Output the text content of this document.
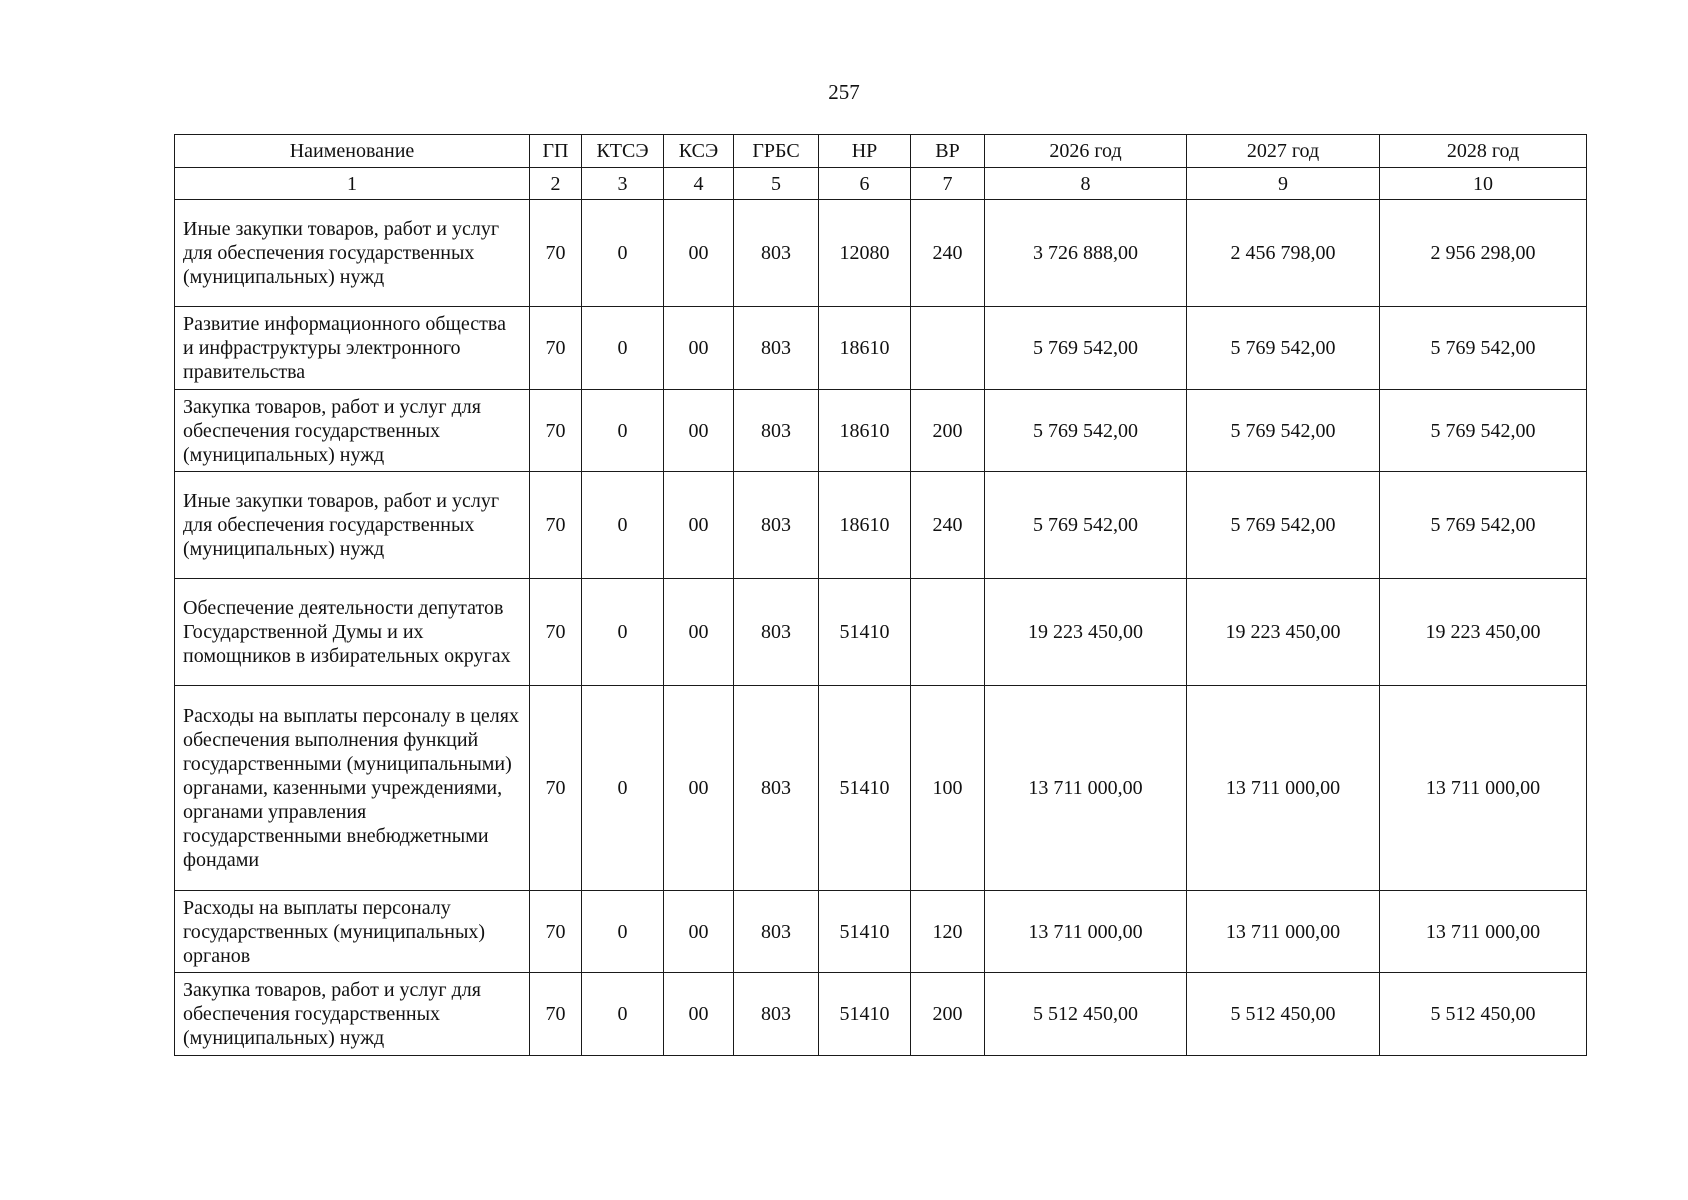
257
Наименование	ГП	КТСЭ	КСЭ	ГРБС	НР	ВР	2026 год	2027 год	2028 год
1	2	3	4	5	6	7	8	9	10
Иные закупки товаров, работ и услуг для обеспечения государственных (муниципальных) нужд	70	0	00	803	12080	240	3 726 888,00	2 456 798,00	2 956 298,00
Развитие информационного общества и инфраструктуры электронного правительства	70	0	00	803	18610		5 769 542,00	5 769 542,00	5 769 542,00
Закупка товаров, работ и услуг для обеспечения государственных (муниципальных) нужд	70	0	00	803	18610	200	5 769 542,00	5 769 542,00	5 769 542,00
Иные закупки товаров, работ и услуг для обеспечения государственных (муниципальных) нужд	70	0	00	803	18610	240	5 769 542,00	5 769 542,00	5 769 542,00
Обеспечение деятельности депутатов Государственной Думы и их помощников в избирательных округах	70	0	00	803	51410		19 223 450,00	19 223 450,00	19 223 450,00
Расходы на выплаты персоналу в целях обеспечения выполнения функций государственными (муниципальными) органами, казенными учреждениями, органами управления государственными внебюджетными фондами	70	0	00	803	51410	100	13 711 000,00	13 711 000,00	13 711 000,00
Расходы на выплаты персоналу государственных (муниципальных) органов	70	0	00	803	51410	120	13 711 000,00	13 711 000,00	13 711 000,00
Закупка товаров, работ и услуг для обеспечения государственных (муниципальных) нужд	70	0	00	803	51410	200	5 512 450,00	5 512 450,00	5 512 450,00
